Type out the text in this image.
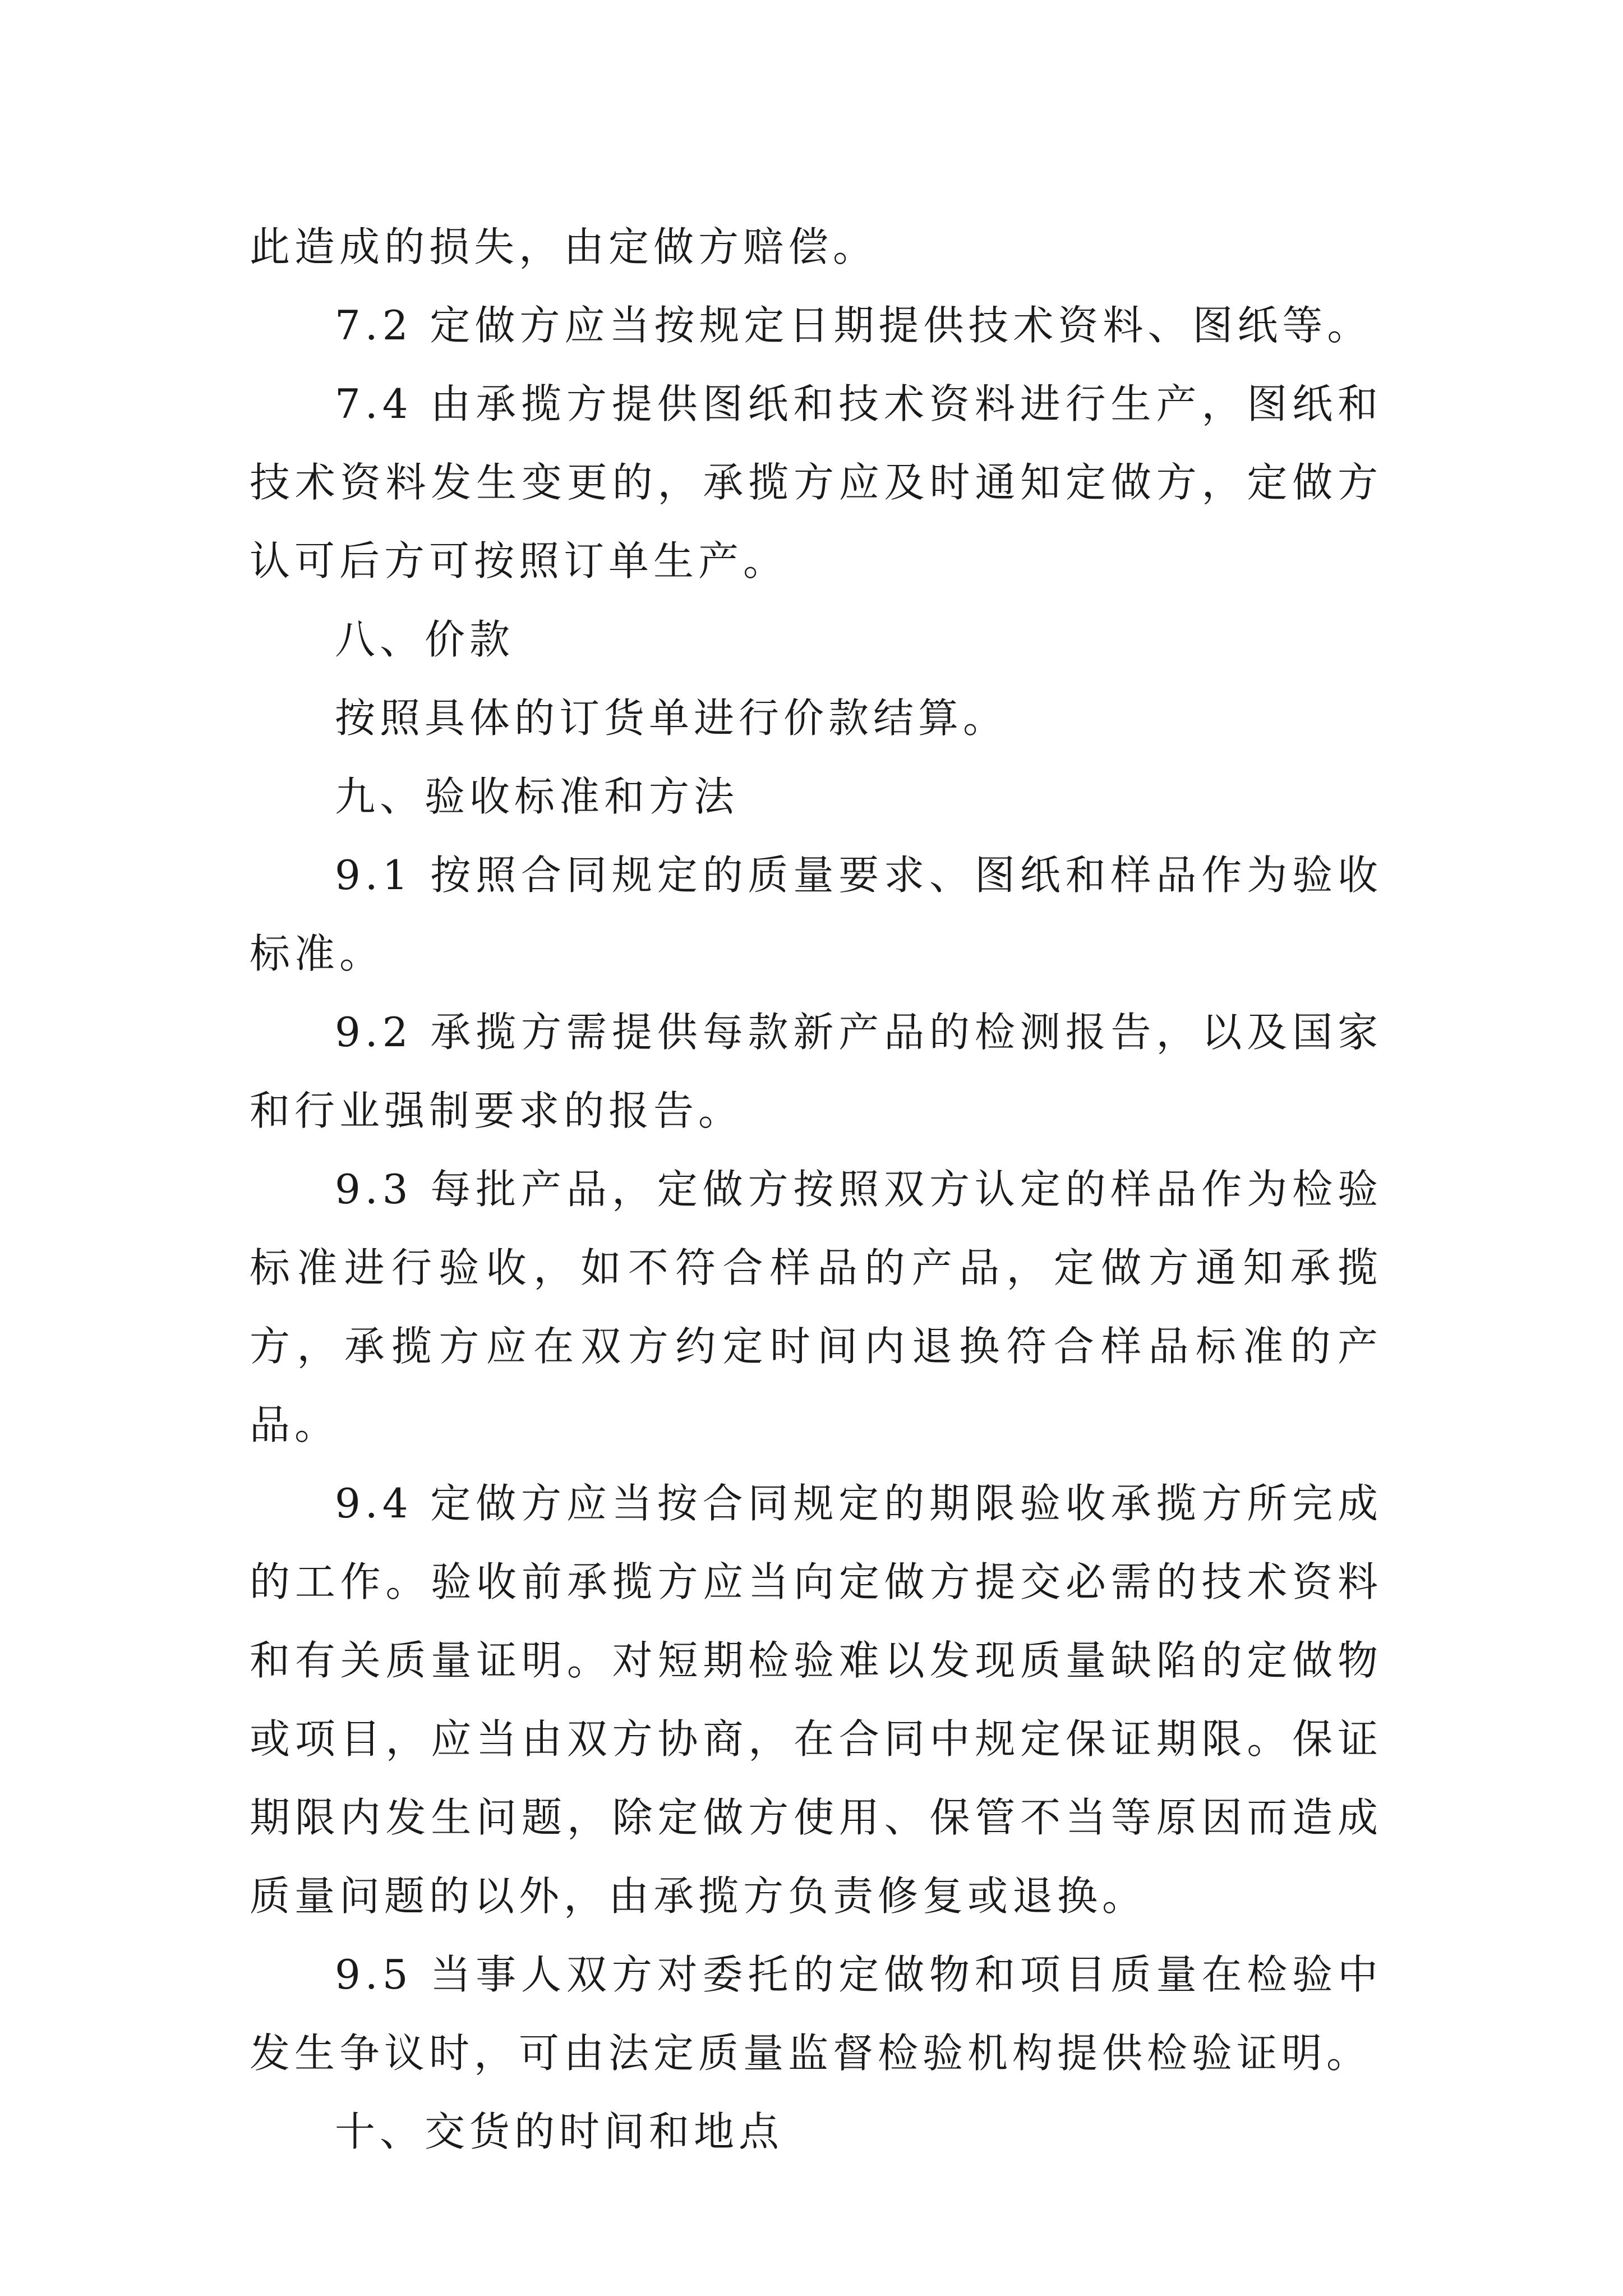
此造成的损失，由定做方赔偿。

7.2 定做方应当按规定日期提供技术资料、图纸等。

7.4 由承揽方提供图纸和技术资料进行生产，图纸和技术资料发生变更的，承揽方应及时通知定做方，定做方认可后方可按照订单生产。

八、价款

按照具体的订货单进行价款结算。

九、验收标准和方法

9.1 按照合同规定的质量要求、图纸和样品作为验收标准。

9.2 承揽方需提供每款新产品的检测报告，以及国家和行业强制要求的报告。

9.3 每批产品，定做方按照双方认定的样品作为检验标准进行验收，如不符合样品的产品，定做方通知承揽方，承揽方应在双方约定时间内退换符合样品标准的产品。

9.4 定做方应当按合同规定的期限验收承揽方所完成的工作。验收前承揽方应当向定做方提交必需的技术资料和有关质量证明。对短期检验难以发现质量缺陷的定做物或项目，应当由双方协商，在合同中规定保证期限。保证期限内发生问题，除定做方使用、保管不当等原因而造成质量问题的以外，由承揽方负责修复或退换。

9.5 当事人双方对委托的定做物和项目质量在检验中发生争议时，可由法定质量监督检验机构提供检验证明。

十、交货的时间和地点
